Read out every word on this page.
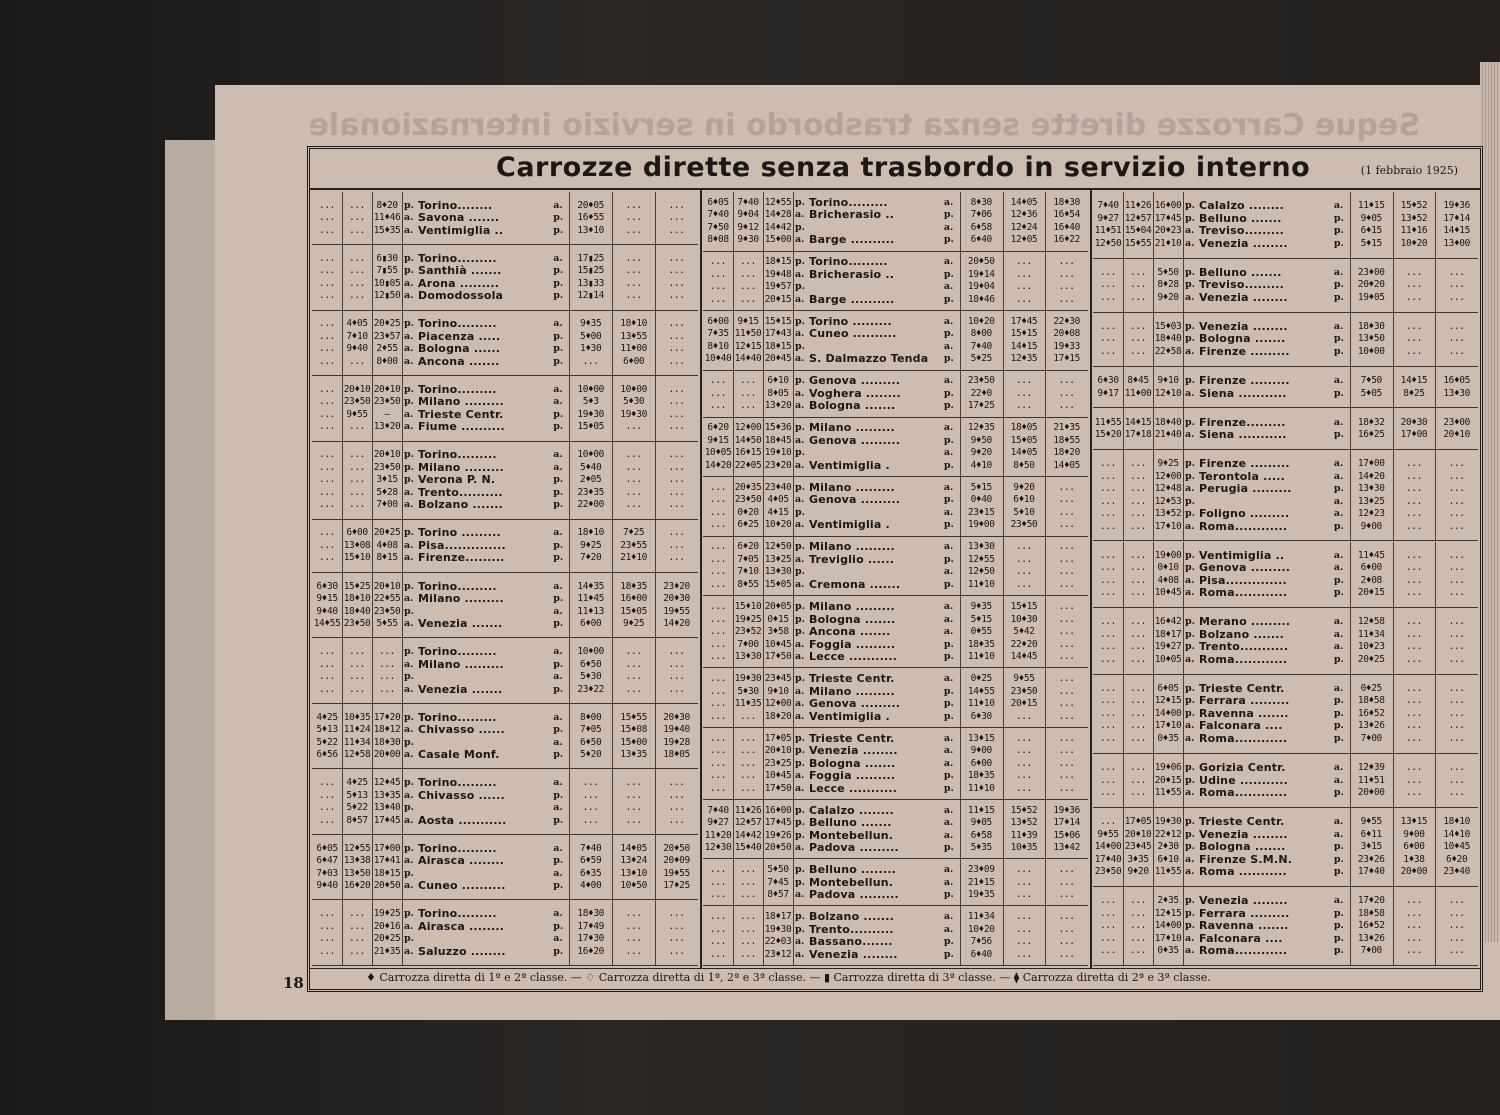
Seque Carrozze dirette senza trasbordo in servizio internazionale
Carrozze dirette senza trasbordo in servizio interno	(1 febbraio 1925)
...	...	8♦20 p. Torino........	a.	20♦05	...	...
...	... 11♦46 a. Savona .......	p.	16♦55	...	...
...	... 15♦35 a. Ventimiglia ..	p.	13♦10	...	...
...	...	6▮30 p. Torino.........	a.	17▮25	...	...
...	...	7▮55 p. Santhià .......	p.	15▮25	...	...
...	... 10▮05 a. Arona .........	p.	13▮33	...	...
...	... 12▮50 a. Domodossola	p.	12▮14	...	...
...	4♦05 20♦25 p. Torino.........	a.	9♦35	18♦10	...
...	7♦10 23♦57 a. Piacenza .....	p.	5♦00	13♦55	...
...	9♦40 2♦55 a. Bologna ......	p.	1♦30	11♦00	...
...	...	8♦00 a. Ancona .......	p.	...	6♦00	...
... 20♦10 20♦10 p. Torino.........	a.	10♦00	10♦00	...
... 23♦50 23♦50 p. Milano .........	a.	5♦3	5♦30	...
...	9♦55	—	a. Trieste Centr.	p.	19♦30	19♦30	...
...	... 13♦20 a. Fiume ..........	p.	15♦05	...	...
...	... 20♦10 p. Torino.........	a.	10♦00	...	...
...	... 23♦50 p. Milano .........	a.	5♦40	...	...
...	...	3♦15 p. Verona P. N.	p.	2♦05	...	...
...	...	5♦28 a. Trento..........	p.	23♦35	...	...
...	...	7♦00 a. Bolzano .......	p.	22♦00	...	...
...	6♦00 20♦25 p. Torino .........	a.	18♦10	7♦25	...
... 13♦08 4♦08 a. Pisa..............	p.	9♦25	23♦55	...
... 15♦10 8♦15 a. Firenze.........	p.	7♦20	21♦10	...
6♦30 15♦25 20♦10 p. Torino.........	a.	14♦35	18♦35	23♦20
9♦15 18♦10 22♦55 a. Milano .........	p.	11♦45	16♦00	20♦30
9♦40 18♦40 23♦50 p.	a.	11♦13	15♦05	19♦55
14♦55 23♦50 5♦55 a. Venezia .......	p.	6♦00	9♦25	14♦20
...	...	... p. Torino.........	a.	10♦00	...	...
...	...	... a. Milano .........	p.	6♦50	...	...
...	...	... p.	a.	5♦30	...	...
...	...	... a. Venezia .......	p.	23♦22	...	...
4♦25 10♦35 17♦20 p. Torino.........	a.	8♦00	15♦55	20♦30
5♦13 11♦24 18♦12 a. Chivasso ......	p.	7♦05	15♦08	19♦40
5♦22 11♦34 18♦30 p.	a.	6♦50	15♦00	19♦28
6♦56 12♦58 20♦00 a. Casale Monf.	p.	5♦20	13♦35	18♦05
...	4♦25 12♦45 p. Torino.........	a.	...	...	...
...	5♦13 13♦35 a. Chivasso ......	p.	...	...	...
...	5♦22 13♦40 p.	a.	...	...	...
...	8♦57 17♦45 a. Aosta ...........	p.	...	...	...
6♦05 12♦55 17♦00 p. Torino.........	a.	7♦40	14♦05	20♦50
6♦47 13♦38 17♦41 a. Airasca ........	p.	6♦59	13♦24	20♦09
7♦03 13♦50 18♦15 p.	a.	6♦35	13♦10	19♦55
9♦40 16♦20 20♦50 a. Cuneo ..........	p.	4♦00	10♦50	17♦25
...	... 19♦25 p. Torino.........	a.	18♦30	...	...
...	... 20♦16 a. Airasca ........	p.	17♦49	...	...
...	... 20♦25 p.	a.	17♦30	...	...
...	... 21♦35 a. Saluzzo ........	p.	16♦20	...	...
6♦05 7♦40 12♦55 p. Torino.........	a.	8♦30	14♦05	18♦30
7♦40 9♦04 14♦28 a. Bricherasio ..	p.	7♦06	12♦36	16♦54
7♦50 9♦12 14♦42 p.	a.	6♦58	12♦24	16♦40
8♦08 9♦30 15♦00 a. Barge ..........	p.	6♦40	12♦05	16♦22
...	... 18♦15 p. Torino.........	a.	20♦50	...	...
...	... 19♦48 a. Bricherasio ..	p.	19♦14	...	...
...	... 19♦57 p.	a.	19♦04	...	...
...	... 20♦15 a. Barge ..........	p.	18♦46	...	...
6♦00 9♦15 15♦15 p. Torino .........	a.	10♦20	17♦45	22♦30
7♦35 11♦50 17♦43 a. Cuneo ..........	p.	8♦00	15♦15	20♦08
8♦10 12♦15 18♦15 p.	a.	7♦40	14♦15	19♦33
10♦40 14♦40 20♦45 a. S. Dalmazzo Tenda	p.	5♦25	12♦35	17♦15
...	...	6♦10 p. Genova .........	a.	23♦50	...	...
...	...	8♦05 a. Voghera ........	p.	22♦0	...	...
...	... 13♦20 a. Bologna .......	p.	17♦25	...	...
6♦20 12♦00 15♦36 p. Milano .........	a.	12♦35	18♦05	21♦35
9♦15 14♦50 18♦45 a. Genova .........	p.	9♦50	15♦05	18♦55
10♦05 16♦15 19♦10 p.	a.	9♦20	14♦05	18♦20
14♦20 22♦05 23♦20 a. Ventimiglia .	p.	4♦10	8♦50	14♦05
... 20♦35 23♦40 p. Milano .........	a.	5♦15	9♦20	...
... 23♦50 4♦05 a. Genova .........	p.	0♦40	6♦10	...
...	0♦20 4♦15 p.	a.	23♦15	5♦10	...
...	6♦25 10♦20 a. Ventimiglia .	p.	19♦00	23♦50	...
...	6♦20 12♦50 p. Milano .........	a.	13♦30	...	...
...	7♦05 13♦25 a. Treviglio ......	p.	12♦55	...	...
...	7♦10 13♦30 p.	a.	12♦50	...	...
...	8♦55 15♦05 a. Cremona .......	p.	11♦10	...	...
... 15♦10 20♦05 p. Milano .........	a.	9♦35	15♦15	...
... 19♦25 0♦15 p. Bologna .......	a.	5♦15	10♦30	...
... 23♦52 3♦58 p. Ancona .......	a.	0♦55	5♦42	...
...	7♦00 10♦45 a. Foggia .........	p.	18♦35	22♦20	...
... 13♦30 17♦50 a. Lecce ...........	p.	11♦10	14♦45	...
... 19♦30 23♦45 p. Trieste Centr.	a.	0♦25	9♦55	...
...	5♦30 9♦10 a. Milano .........	p.	14♦55	23♦50	...
... 11♦35 12♦00 a. Genova .........	p.	11♦10	20♦15	...
...	... 18♦20 a. Ventimiglia .	p.	6♦30	...	...
...	... 17♦05 p. Trieste Centr.	a.	13♦15	...	...
...	... 20♦10 p. Venezia ........	a.	9♦00	...	...
...	... 23♦25 p. Bologna .......	a.	6♦00	...	...
...	... 10♦45 a. Foggia .........	p.	18♦35	...	...
...	... 17♦50 a. Lecce ...........	p.	11♦10	...	...
7♦40 11♦26 16♦00 p. Calalzo ........	a.	11♦15	15♦52	19♦36
9♦27 12♦57 17♦45 p. Belluno .......	a.	9♦05	13♦52	17♦14
11♦20 14♦42 19♦26 p. Montebellun.	a.	6♦58	11♦39	15♦06
12♦30 15♦40 20♦50 a. Padova .........	p.	5♦35	10♦35	13♦42
...	...	5♦50 p. Belluno ........	a.	23♦09	...	...
...	...	7♦45 p. Montebellun.	a.	21♦15	...	...
...	...	8♦57 a. Padova .........	p.	19♦35	...	...
...	... 18♦17 p. Bolzano .......	a.	11♦34	...	...
...	... 19♦30 p. Trento..........	a.	10♦20	...	...
...	... 22♦03 a. Bassano.......	p.	7♦56	...	...
...	... 23♦12 a. Venezia ........	p.	6♦40	...	...
7♦40 11♦26 16♦00 p. Calalzo ........	a.	11♦15	15♦52	19♦36
9♦27 12♦57 17♦45 p. Belluno .......	p.	9♦05	13♦52	17♦14
11♦51 15♦04 20♦23 a. Treviso.........	p.	6♦15	11♦16	14♦15
12♦50 15♦55 21♦10 a. Venezia ........	p.	5♦15	10♦20	13♦00
...	...	5♦50 p. Belluno .......	a.	23♦00	...	...
...	...	8♦28 p. Treviso.........	p.	20♦20	...	...
...	...	9♦20 a. Venezia ........	p.	19♦05	...	...
...	... 15♦03 p. Venezia ........	a.	18♦30	...	...
...	... 18♦40 p. Bologna .......	p.	13♦50	...	...
...	... 22♦58 a. Firenze .........	p.	10♦00	...	...
6♦30 8♦45 9♦10 p. Firenze .........	a.	7♦50	14♦15	16♦05
9♦17 11♦00 12♦10 a. Siena ...........	p.	5♦05	8♦25	13♦30
11♦55 14♦15 18♦40 p. Firenze.........	a.	18♦32	20♦30	23♦00
15♦20 17♦18 21♦40 a. Siena ...........	p.	16♦25	17♦00	20♦10
...	...	9♦25 p. Firenze .........	a.	17♦00	...	...
...	... 12♦00 p. Terontola .....	a.	14♦20	...	...
...	... 12♦48 a. Perugia .........	p.	13♦30	...	...
...	... 12♦53 p.	a.	13♦25	...	...
...	... 13♦52 p. Foligno .........	a.	12♦23	...	...
...	... 17♦10 a. Roma............	p.	9♦00	...	...
...	... 19♦00 p. Ventimiglia ..	a.	11♦45	...	...
...	...	0♦10 p. Genova .........	a.	6♦00	...	...
...	...	4♦08 a. Pisa..............	p.	2♦08	...	...
...	... 10♦45 a. Roma............	p.	20♦15	...	...
...	... 16♦42 p. Merano .........	a.	12♦58	...	...
...	... 18♦17 p. Bolzano .......	a.	11♦34	...	...
...	... 19♦27 p. Trento...........	a.	10♦23	...	...
...	... 10♦05 a. Roma............	p.	20♦25	...	...
...	...	6♦05 p. Trieste Centr.	a.	0♦25	...	...
...	... 12♦15 p. Ferrara .........	p.	18♦58	...	...
...	... 14♦00 p. Ravenna .......	p.	16♦52	...	...
...	... 17♦10 a. Falconara ....	p.	13♦26	...	...
...	...	0♦35 a. Roma............	p.	7♦00	...	...
...	... 19♦06 p. Gorizia Centr.	a.	12♦39	...	...
...	... 20♦15 p. Udine ...........	a.	11♦51	...	...
...	... 11♦55 a. Roma............	p.	20♦00	...	...
... 17♦05 19♦30 p. Trieste Centr.	a.	9♦55	13♦15	18♦10
9♦55 20♦10 22♦12 p. Venezia ........	a.	6♦11	9♦00	14♦10
14♦00 23♦45 2♦30 p. Bologna .......	p.	3♦15	6♦00	10♦45
17♦40 3♦35 6♦10 a. Firenze S.M.N.	p.	23♦26	1♦38	6♦20
23♦50 9♦20 11♦55 a. Roma ...........	p.	17♦40	20♦00	23♦40
...	...	2♦35 p. Venezia ........	a.	17♦20	...	...
...	... 12♦15 p. Ferrara .........	p.	18♦58	...	...
...	... 14♦00 p. Ravenna .......	p.	16♦52	...	...
...	... 17♦10 a. Falconara ....	p.	13♦26	...	...
...	...	0♦35 a. Roma............	p.	7♦00	...	...
♦ Carrozza diretta di 1ª e 2ª classe. — ♢ Carrozza diretta di 1ª, 2ª e 3ª classe. — ▮ Carrozza diretta di 3ª classe. — ⧫ Carrozza diretta di 2ª e 3ª classe.
18
